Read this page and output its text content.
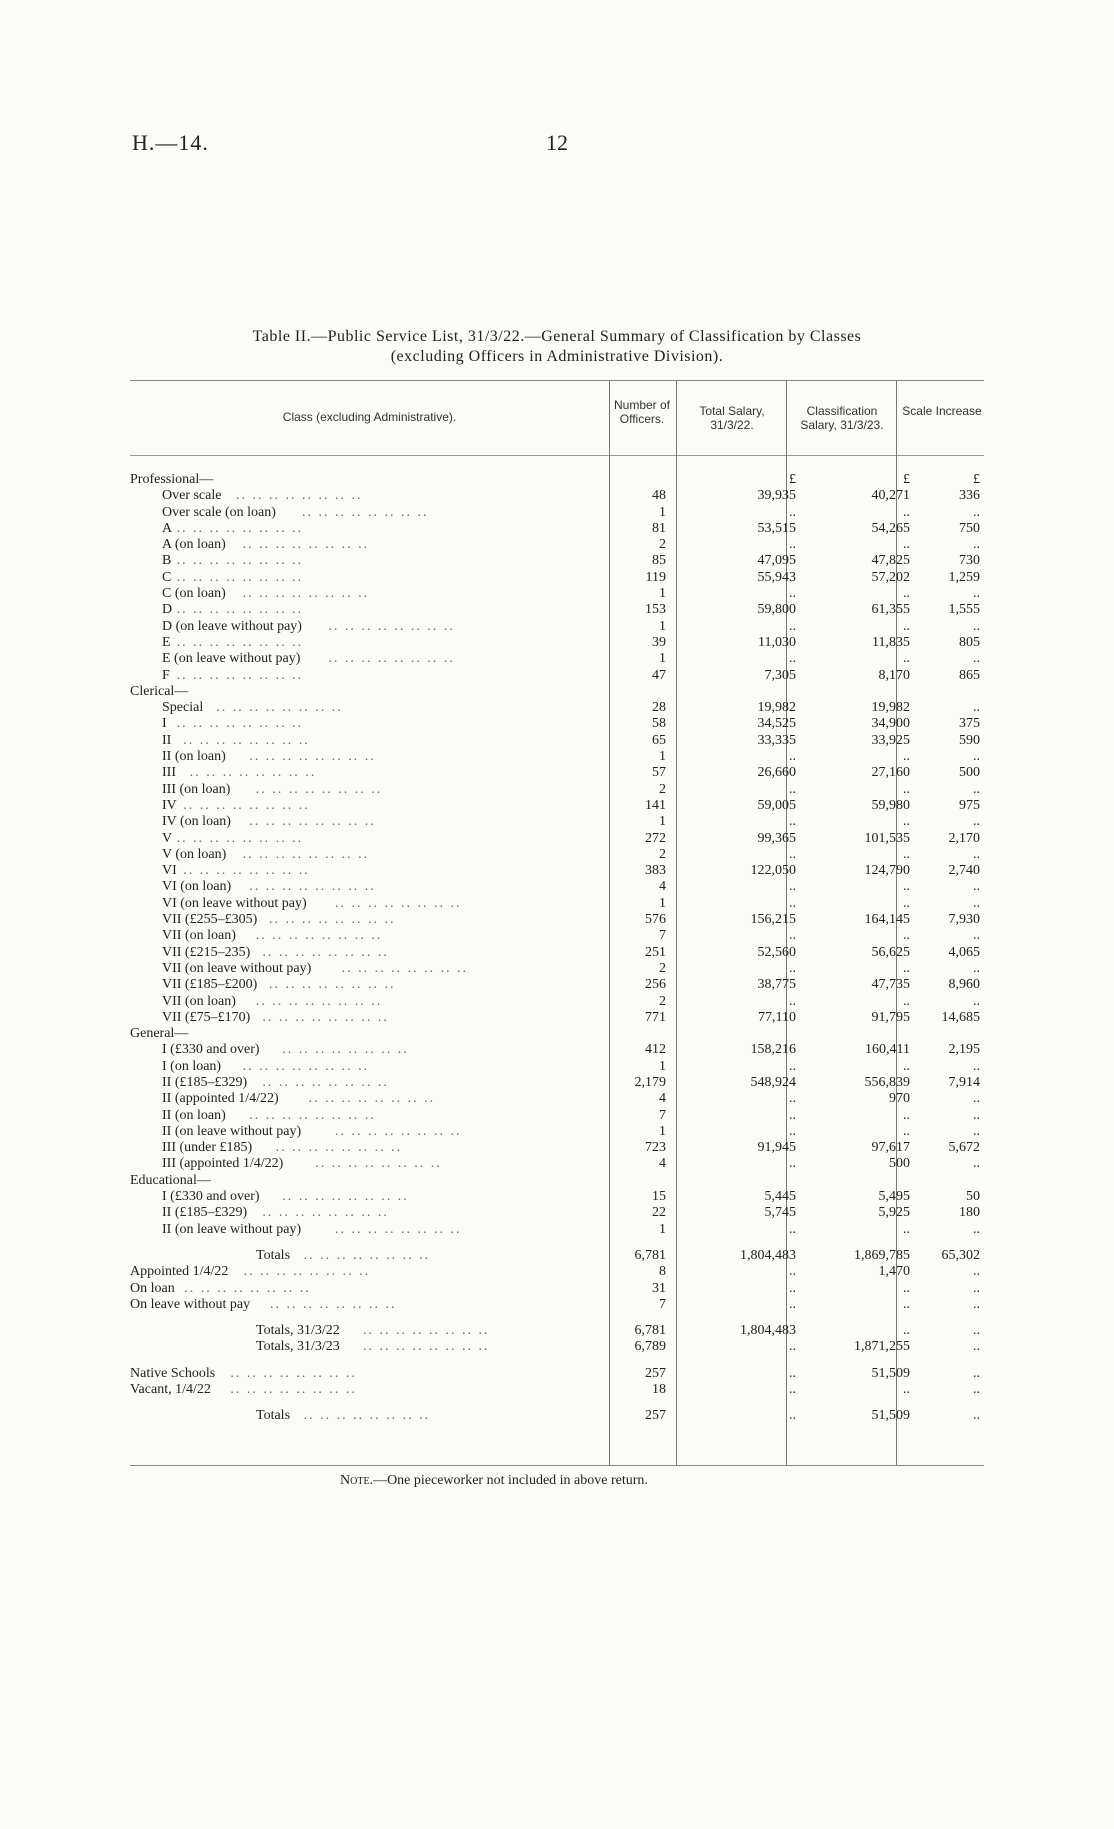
H.—14.	12
Table II.—Public Service List, 31/3/22.—General Summary of Classification by Classes
(excluding Officers in Administrative Division).
Class (excluding Administrative).
Number of Officers.
Total Salary, 31/3/22.
Classification Salary, 31/3/23.
Scale Increase
Professional—	£	£	£
.. .. .. .. .. .. .. ..
Over scale	48	39,935	40,271	336
.. .. .. .. .. .. .. ..
Over scale (on loan)	1	..	..	..
.. .. .. .. .. .. .. ..
A	81	53,515	54,265	750
.. .. .. .. .. .. .. ..
A (on loan)	2	..	..	..
.. .. .. .. .. .. .. ..
B	85	47,095	47,825	730
.. .. .. .. .. .. .. ..
C	119	55,943	57,202	1,259
.. .. .. .. .. .. .. ..
C (on loan)	1	..	..	..
.. .. .. .. .. .. .. ..
D	153	59,800	61,355	1,555
.. .. .. .. .. .. .. ..
D (on leave without pay)	1	..	..	..
.. .. .. .. .. .. .. ..
E	39	11,030	11,835	805
.. .. .. .. .. .. .. ..
E (on leave without pay)	1	..	..	..
.. .. .. .. .. .. .. ..
F	47	7,305	8,170	865
Clerical—
.. .. .. .. .. .. .. ..
Special	28	19,982	19,982	..
.. .. .. .. .. .. .. ..
I	58	34,525	34,900	375
.. .. .. .. .. .. .. ..
II	65	33,335	33,925	590
.. .. .. .. .. .. .. ..
II (on loan)	1	..	..	..
.. .. .. .. .. .. .. ..
III	57	26,660	27,160	500
.. .. .. .. .. .. .. ..
III (on loan)	2	..	..	..
.. .. .. .. .. .. .. ..
IV	141	59,005	59,980	975
.. .. .. .. .. .. .. ..
IV (on loan)	1	..	..	..
.. .. .. .. .. .. .. ..
V	272	99,365	101,535	2,170
.. .. .. .. .. .. .. ..
V (on loan)	2	..	..	..
.. .. .. .. .. .. .. ..
VI	383	122,050	124,790	2,740
.. .. .. .. .. .. .. ..
VI (on loan)	4	..	..	..
.. .. .. .. .. .. .. ..
VI (on leave without pay)	1	..	..	..
.. .. .. .. .. .. .. ..
VII (£255–£305)	576	156,215	164,145	7,930
.. .. .. .. .. .. .. ..
VII (on loan)	7	..	..	..
.. .. .. .. .. .. .. ..
VII (£215–235)	251	52,560	56,625	4,065
.. .. .. .. .. .. .. ..
VII (on leave without pay)	2	..	..	..
.. .. .. .. .. .. .. ..
VII (£185–£200)	256	38,775	47,735	8,960
.. .. .. .. .. .. .. ..
VII (on loan)	2	..	..	..
.. .. .. .. .. .. .. ..
VII (£75–£170)	771	77,110	91,795	14,685
General—
.. .. .. .. .. .. .. ..
I (£330 and over)	412	158,216	160,411	2,195
.. .. .. .. .. .. .. ..
I (on loan)	1	..	..	..
.. .. .. .. .. .. .. ..
II (£185–£329)	2,179	548,924	556,839	7,914
.. .. .. .. .. .. .. ..
II (appointed 1/4/22)	4	..	970	..
.. .. .. .. .. .. .. ..
II (on loan)	7	..	..	..
.. .. .. .. .. .. .. ..
II (on leave without pay)	1	..	..	..
.. .. .. .. .. .. .. ..
III (under £185)	723	91,945	97,617	5,672
.. .. .. .. .. .. .. ..
III (appointed 1/4/22)	4	..	500	..
Educational—
.. .. .. .. .. .. .. ..
I (£330 and over)	15	5,445	5,495	50
.. .. .. .. .. .. .. ..
II (£185–£329)	22	5,745	5,925	180
.. .. .. .. .. .. .. ..
II (on leave without pay)	1	..	..	..
.. .. .. .. .. .. .. ..
Totals	6,781	1,804,483	1,869,785	65,302
.. .. .. .. .. .. .. ..
Appointed 1/4/22	8	..	1,470	..
.. .. .. .. .. .. .. ..
On loan	31	..	..	..
.. .. .. .. .. .. .. ..
On leave without pay	7	..	..	..
.. .. .. .. .. .. .. ..
Totals, 31/3/22	6,781	1,804,483	..	..
.. .. .. .. .. .. .. ..
Totals, 31/3/23	6,789	..	1,871,255	..
.. .. .. .. .. .. .. ..
Native Schools	257	..	51,509	..
.. .. .. .. .. .. .. ..
Vacant, 1/4/22	18	..	..	..
.. .. .. .. .. .. .. ..
Totals	257	..	51,509	..
Note.—One pieceworker not included in above return.
